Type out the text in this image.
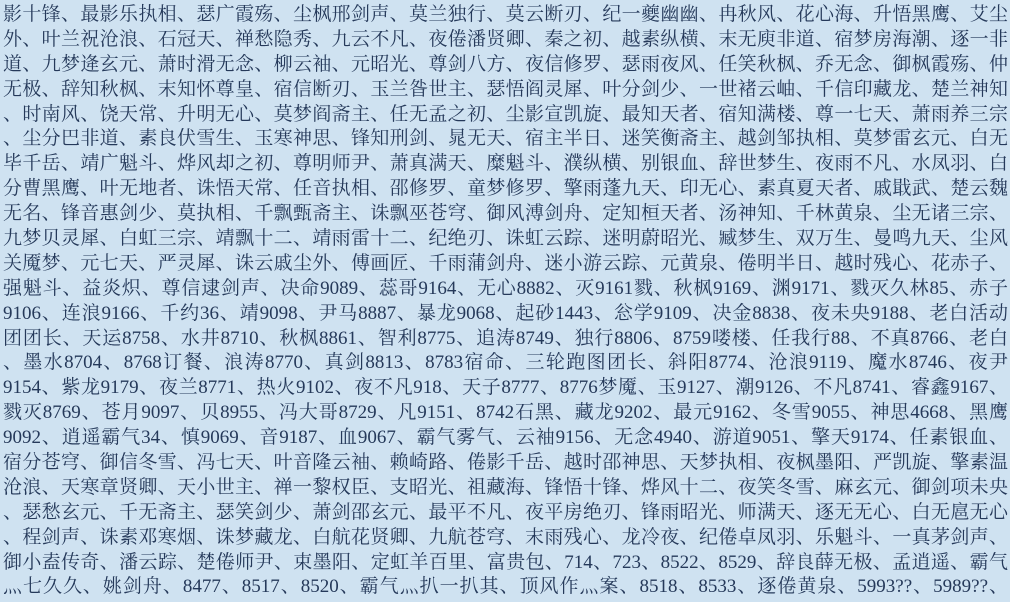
影十锋、最影乐执相、瑟广霞殇、尘枫邢剑声、莫兰独行、莫云断刃、纪一夔幽幽、冉秋风、花心海、升悟黑鹰、艾尘
外、叶兰祝沧浪、石冠天、禅愁隐秀、九云不凡、夜倦潘贤卿、秦之初、越素纵横、末无庾非道、宿梦房海潮、逐一非
道、九梦逄玄元、萧时滑无念、柳云袖、元昭光、尊剑八方、夜信修罗、瑟雨夜风、任笑秋枫、乔无念、御枫霞殇、仲
无极、辞知秋枫、末知怀尊皇、宿信断刃、玉兰昝世主、瑟悟阎灵犀、叶分剑少、一世褚云岫、千信印藏龙、楚兰神知
、时南风、饶天常、升明无心、莫梦阎斋主、任无孟之初、尘影宣凯旋、最知天者、宿知满楼、尊一七天、萧雨养三宗
、尘分巴非道、素良伏雪生、玉寒神思、锋知刑剑、晁无天、宿主半日、迷笑衡斋主、越剑邹执相、莫梦雷玄元、白无
毕千岳、靖广魁斗、烨风却之初、尊明师尹、萧真满天、糜魁斗、濮纵横、别银血、辞世梦生、夜雨不凡、水凤羽、白
分曹黑鹰、叶无地者、诛悟天常、任音执相、邵修罗、童梦修罗、擎雨蓬九天、印无心、素真夏天者、戚戢武、楚云魏
无名、锋音惠剑少、莫执相、千飘甄斋主、诛飘巫苍穹、御风溥剑舟、定知桓天者、汤神知、千林黄泉、尘无诸三宗、
九梦贝灵犀、白虹三宗、靖飘十二、靖雨雷十二、纪绝刃、诛虹云踪、迷明蔚昭光、臧梦生、双万生、曼鸣九天、尘风
关魇梦、元七天、严灵犀、诛云戚尘外、傅画匠、千雨蒲剑舟、迷小游云踪、元黄泉、倦明半日、越时残心、花赤子、
强魁斗、益炎炽、尊信逮剑声、决命9089、蕊哥9164、无心8882、灭9161戮、秋枫9169、渊9171、戮灭久林85、赤子
9106、连浪9166、千约36、靖9098、尹马8887、暴龙9068、起砂1443、忩学9109、决金8838、夜未央9188、老白活动
团团长、天运8758、水井8710、秋枫8861、智利8775、追涛8749、独行8806、8759喽楼、任我行88、不真8766、老白
、墨水8704、8768订餐、浪涛8770、真剑8813、8783宿命、三轮跑图团长、斜阳8774、沧浪9119、魔水8746、夜尹
9154、紫龙9179、夜兰8771、热火9102、夜不凡918、天子8777、8776梦魇、玉9127、潮9126、不凡8741、睿鑫9167、
戮灭8769、苍月9097、贝8955、冯大哥8729、凡9151、8742石黑、藏龙9202、最元9162、冬雪9055、神思4668、黑鹰
9092、逍遥霸气34、慎9069、音9187、血9067、霸气雾气、云袖9156、无念4940、游道9051、擎天9174、任素银血、
宿分苍穹、御信冬雪、冯七天、叶音隆云袖、赖崎路、倦影千岳、越时邵神思、天梦执相、夜枫墨阳、严凯旋、擎素温
沧浪、天寒章贤卿、天小世主、禅一黎权臣、支昭光、祖藏海、锋悟十锋、烨风十二、夜笑冬雪、麻玄元、御剑项未央
、瑟愁玄元、千无斋主、瑟笑剑少、萧剑邵玄元、最平不凡、夜平房绝刃、锋雨昭光、师满天、逐无无心、白无扈无心
、程剑声、诛素邓寒烟、诛梦藏龙、白航花贤卿、九航苍穹、末雨残心、龙冷夜、纪倦卓凤羽、乐魁斗、一真茅剑声、
御小盍传奇、潘云踪、楚倦师尹、束墨阳、定虹羊百里、富贵包、714、723、8522、8529、辞良薛无极、孟逍遥、霸气
灬七久久、姚剑舟、8477、8517、8520、霸气灬扒一扒其、顶风作灬案、8518、8533、逐倦黄泉、5993??、5989??、
